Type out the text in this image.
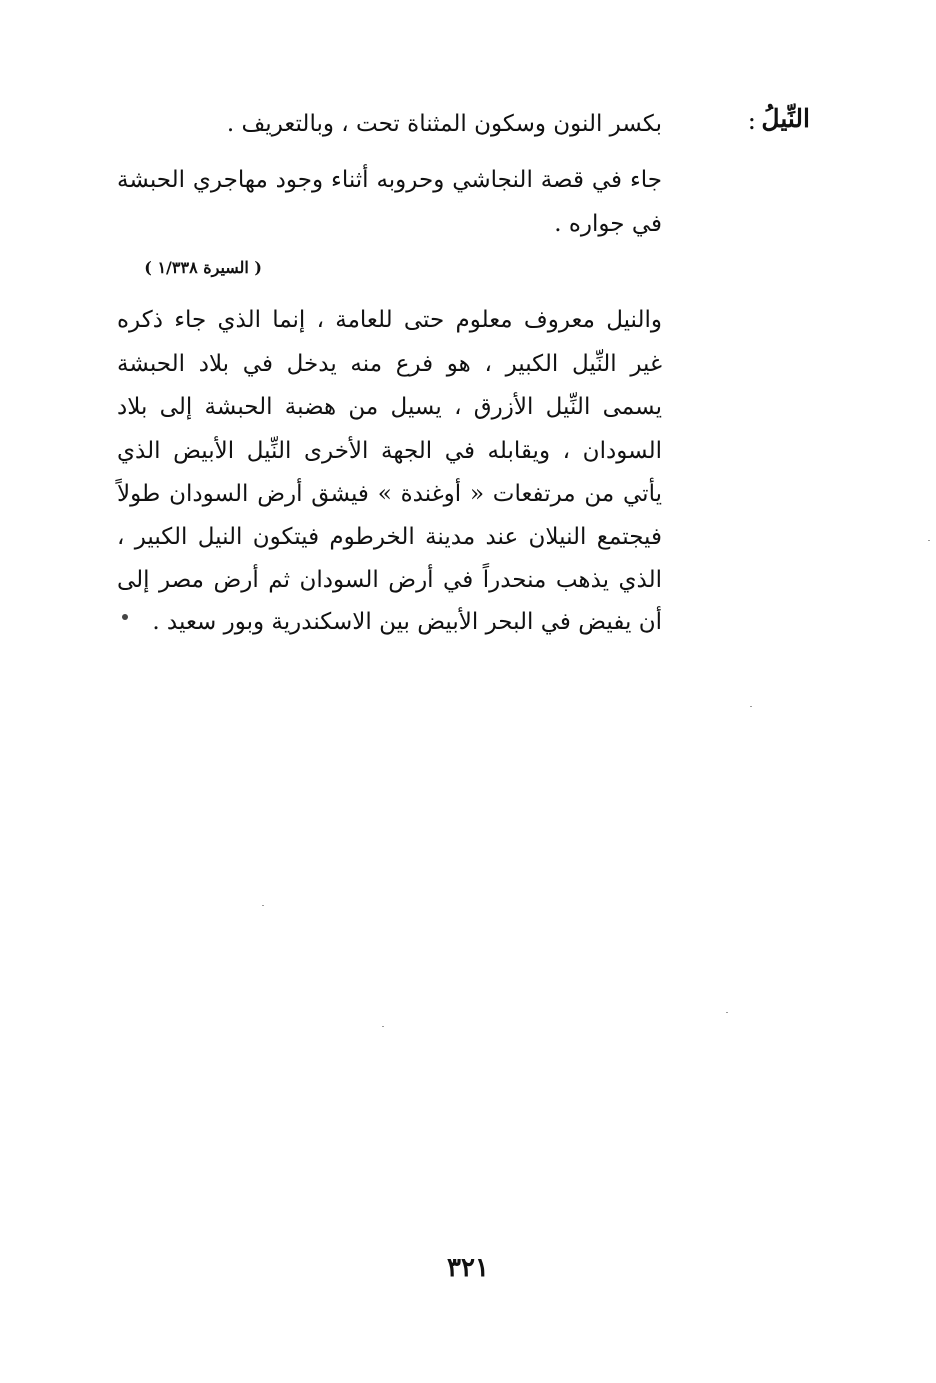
النِّيلُ
:
بكسر النون وسكون المثناة تحت ، وبالتعريف .
جاء في قصة النجاشي وحروبه أثناء وجود مهاجري الحبشة
في جواره .
( السيرة ١/٣٣٨ )
والنيل معروف معلوم حتى للعامة ، إنما الذي جاء ذكره
غير النِّيل الكبير ، هو فرع منه يدخل في بلاد الحبشة
يسمى النِّيل الأزرق ، يسيل من هضبة الحبشة إلى بلاد
السودان ، ويقابله في الجهة الأخرى النِّيل الأبيض الذي
يأتي من مرتفعات « أوغندة » فيشق أرض السودان طولاً
فيجتمع النيلان عند مدينة الخرطوم فيتكون النيل الكبير ،
الذي يذهب منحدراً في أرض السودان ثم أرض مصر إلى
أن يفيض في البحر الأبيض بين الاسكندرية وبور سعيد .
٣٢١
